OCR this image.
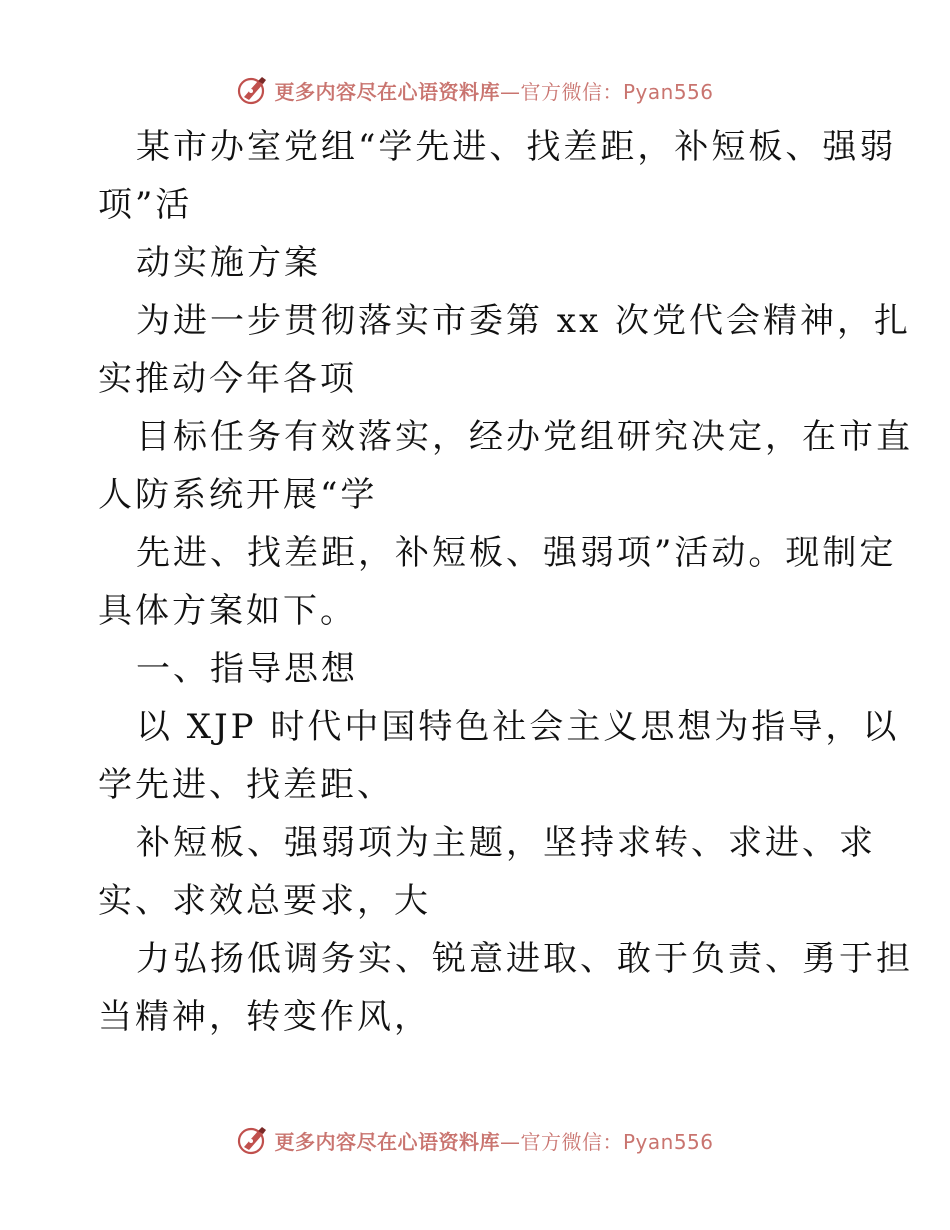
更多内容尽在心语资料库—官方微信：Pyan556
某市办室党组“学先进、找差距，补短板、强弱
项”活
动实施方案
为进一步贯彻落实市委第 xx 次党代会精神，扎
实推动今年各项
目标任务有效落实，经办党组研究决定，在市直
人防系统开展“学
先进、找差距，补短板、强弱项”活动。现制定
具体方案如下。
一、指导思想
以 XJP 时代中国特色社会主义思想为指导，以
学先进、找差距、
补短板、强弱项为主题，坚持求转、求进、求
实、求效总要求，大
力弘扬低调务实、锐意进取、敢于负责、勇于担
当精神，转变作风，
更多内容尽在心语资料库—官方微信：Pyan556
